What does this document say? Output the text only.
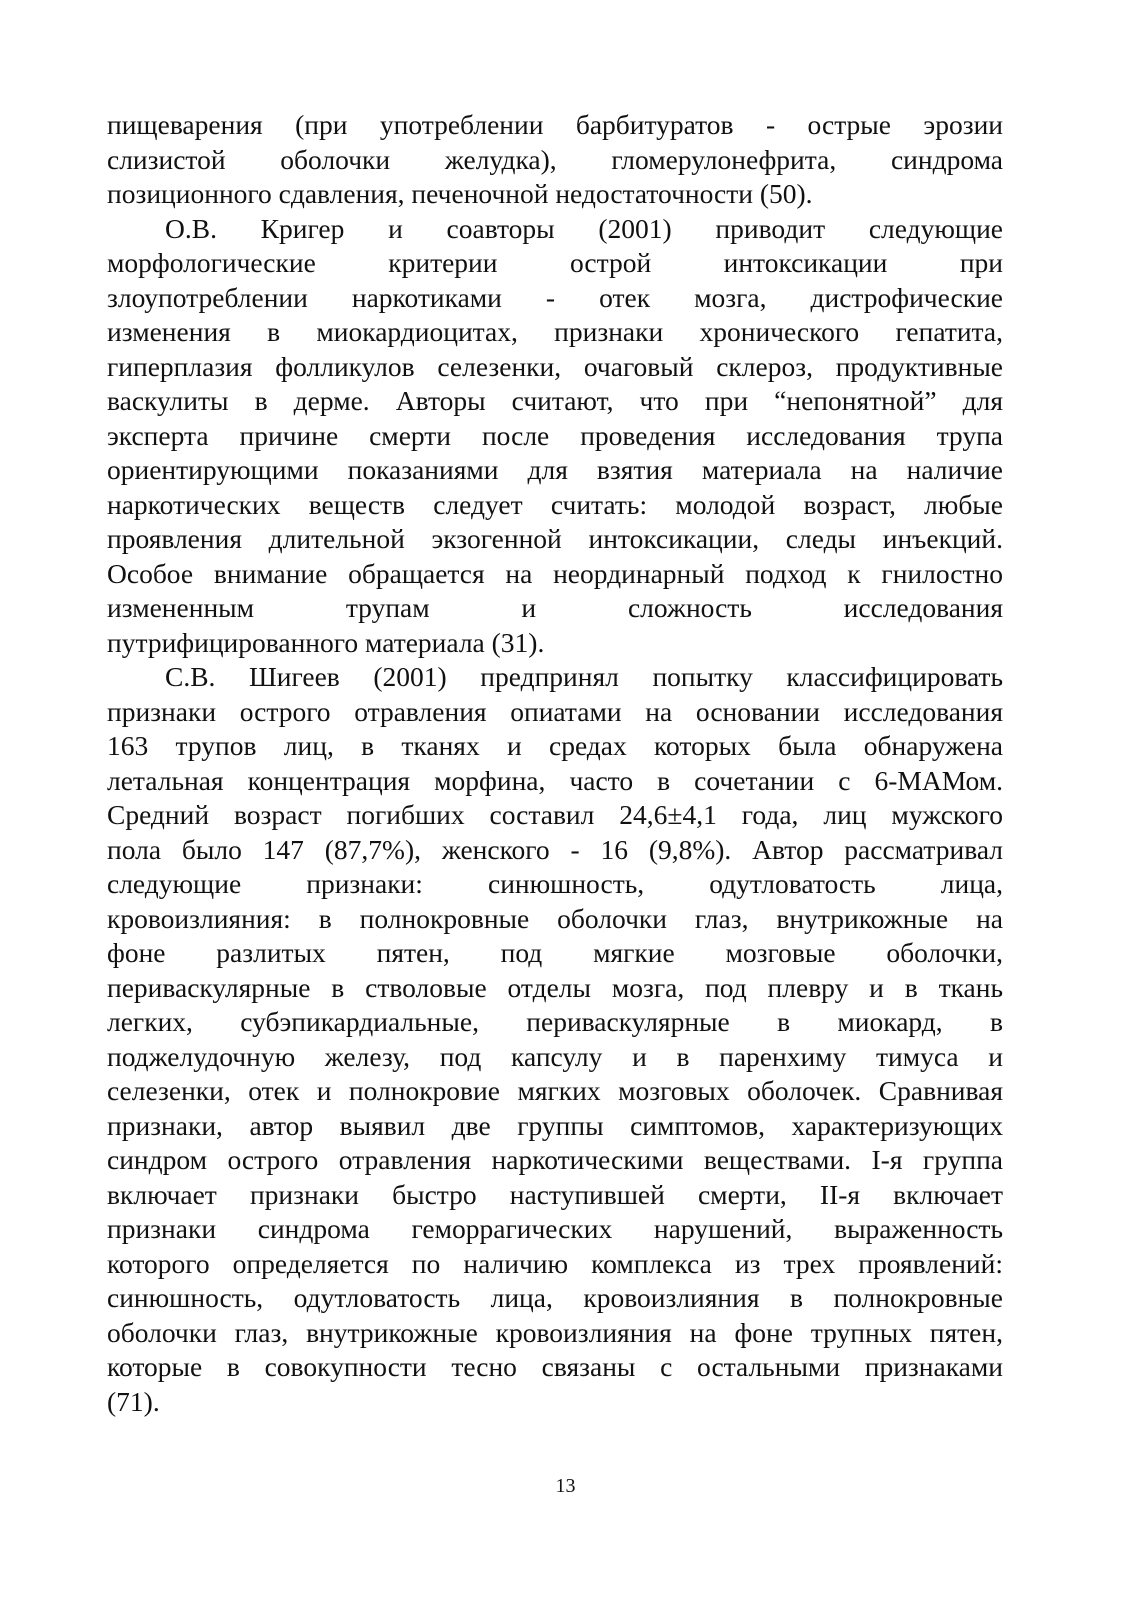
пищеварения (при употреблении барбитуратов - острые эрозии
слизистой оболочки желудка), гломерулонефрита, синдрома
позиционного сдавления, печеночной недостаточности (50).
О.В. Кригер и соавторы (2001) приводит следующие
морфологические критерии острой интоксикации при
злоупотреблении наркотиками - отек мозга, дистрофические
изменения в миокардиоцитах, признаки хронического гепатита,
гиперплазия фолликулов селезенки, очаговый склероз, продуктивные
васкулиты в дерме. Авторы считают, что при “непонятной” для
эксперта причине смерти после проведения исследования трупа
ориентирующими показаниями для взятия материала на наличие
наркотических веществ следует считать: молодой возраст, любые
проявления длительной экзогенной интоксикации, следы инъекций.
Особое внимание обращается на неординарный подход к гнилостно
измененным трупам и сложность исследования
путрифицированного материала (31).
С.В. Шигеев (2001) предпринял попытку классифицировать
признаки острого отравления опиатами на основании исследования
163 трупов лиц, в тканях и средах которых была обнаружена
летальная концентрация морфина, часто в сочетании с 6-МАМом.
Средний возраст погибших составил 24,6±4,1 года, лиц мужского
пола было 147 (87,7%), женского - 16 (9,8%). Автор рассматривал
следующие признаки: синюшность, одутловатость лица,
кровоизлияния: в полнокровные оболочки глаз, внутрикожные на
фоне разлитых пятен, под мягкие мозговые оболочки,
периваскулярные в стволовые отделы мозга, под плевру и в ткань
легких, субэпикардиальные, периваскулярные в миокард, в
поджелудочную железу, под капсулу и в паренхиму тимуса и
селезенки, отек и полнокровие мягких мозговых оболочек. Сравнивая
признаки, автор выявил две группы симптомов, характеризующих
синдром острого отравления наркотическими веществами. I-я группа
включает признаки быстро наступившей смерти, II-я включает
признаки синдрома геморрагических нарушений, выраженность
которого определяется по наличию комплекса из трех проявлений:
синюшность, одутловатость лица, кровоизлияния в полнокровные
оболочки глаз, внутрикожные кровоизлияния на фоне трупных пятен,
которые в совокупности тесно связаны с остальными признаками
(71).
13
